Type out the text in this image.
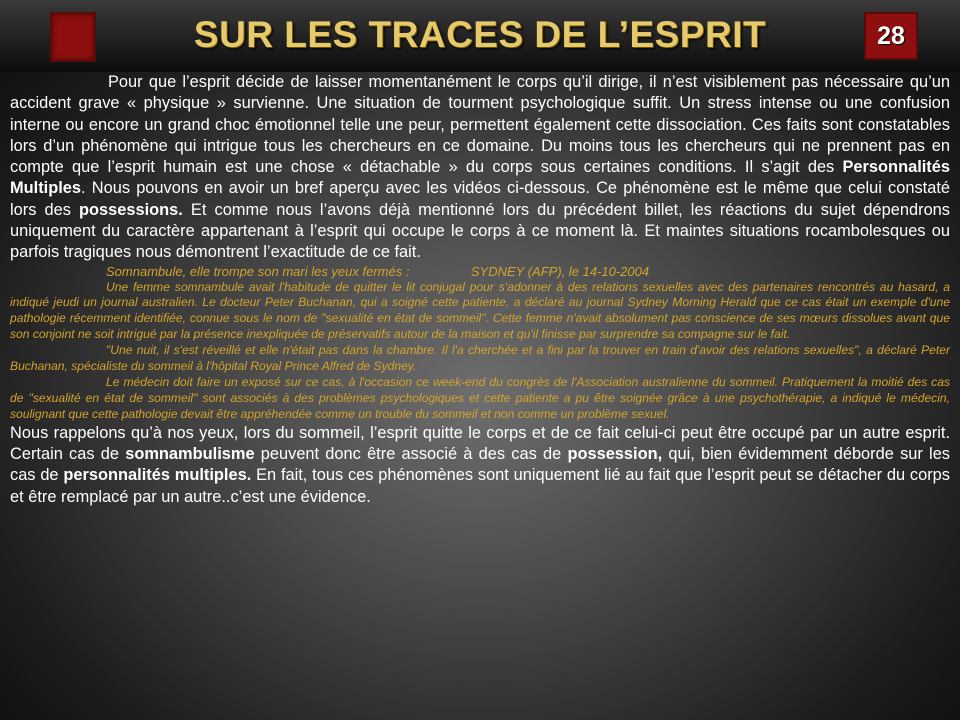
SUR LES TRACES DE L’ESPRIT	28

Pour que l’esprit décide de laisser momentanément le corps qu’il dirige, il n’est visiblement pas nécessaire qu’un accident grave « physique » survienne. Une situation de tourment psychologique suffit. Un stress intense ou une confusion interne ou encore un grand choc émotionnel telle une peur, permettent également cette dissociation. Ces faits sont constatables lors d’un phénomène qui intrigue tous les chercheurs en ce domaine. Du moins tous les chercheurs qui ne prennent pas en compte que l’esprit humain est une chose « détachable » du corps sous certaines conditions. Il s’agit des Personnalités Multiples. Nous pouvons en avoir un bref aperçu avec les vidéos ci-dessous. Ce phénomène est le même que celui constaté lors des possessions. Et comme nous l’avons déjà mentionné lors du précédent billet, les réactions du sujet dépendrons uniquement du caractère appartenant à l’esprit qui occupe le corps à ce moment là. Et maintes situations rocambolesques ou parfois tragiques nous démontrent l’exactitude de ce fait.

Somnambule, elle trompe son mari les yeux fermés :	SYDNEY (AFP), le 14-10-2004

Une femme somnambule avait l'habitude de quitter le lit conjugal pour s'adonner à des relations sexuelles avec des partenaires rencontrés au hasard, a indiqué jeudi un journal australien. Le docteur Peter Buchanan, qui a soigné cette patiente, a déclaré au journal Sydney Morning Herald que ce cas était un exemple d'une pathologie récemment identifiée, connue sous le nom de "sexualité en état de sommeil". Cette femme n'avait absolument pas conscience de ses mœurs dissolues avant que son conjoint ne soit intrigué par la présence inexpliquée de préservatifs autour de la maison et qu'il finisse par surprendre sa compagne sur le fait.

"Une nuit, il s'est réveillé et elle n'était pas dans la chambre. Il l'a cherchée et a fini par la trouver en train d'avoir des relations sexuelles", a déclaré Peter Buchanan, spécialiste du sommeil à l'hôpital Royal Prince Alfred de Sydney.

Le médecin doit faire un exposé sur ce cas, à l'occasion ce week-end du congrès de l'Association australienne du sommeil. Pratiquement la moitié des cas de "sexualité en état de sommeil" sont associés à des problèmes psychologiques et cette patiente a pu être soignée grâce à une psychothérapie, a indiqué le médecin, soulignant que cette pathologie devait être appréhendée comme un trouble du sommeil et non comme un problème sexuel.

Nous rappelons qu’à nos yeux, lors du sommeil, l’esprit quitte le corps et de ce fait celui-ci peut être occupé par un autre esprit. Certain cas de somnambulisme peuvent donc être associé à des cas de possession, qui, bien évidemment déborde sur les cas de personnalités multiples. En fait, tous ces phénomènes sont uniquement lié au fait que l’esprit peut se détacher du corps et être remplacé par un autre..c’est une évidence.
